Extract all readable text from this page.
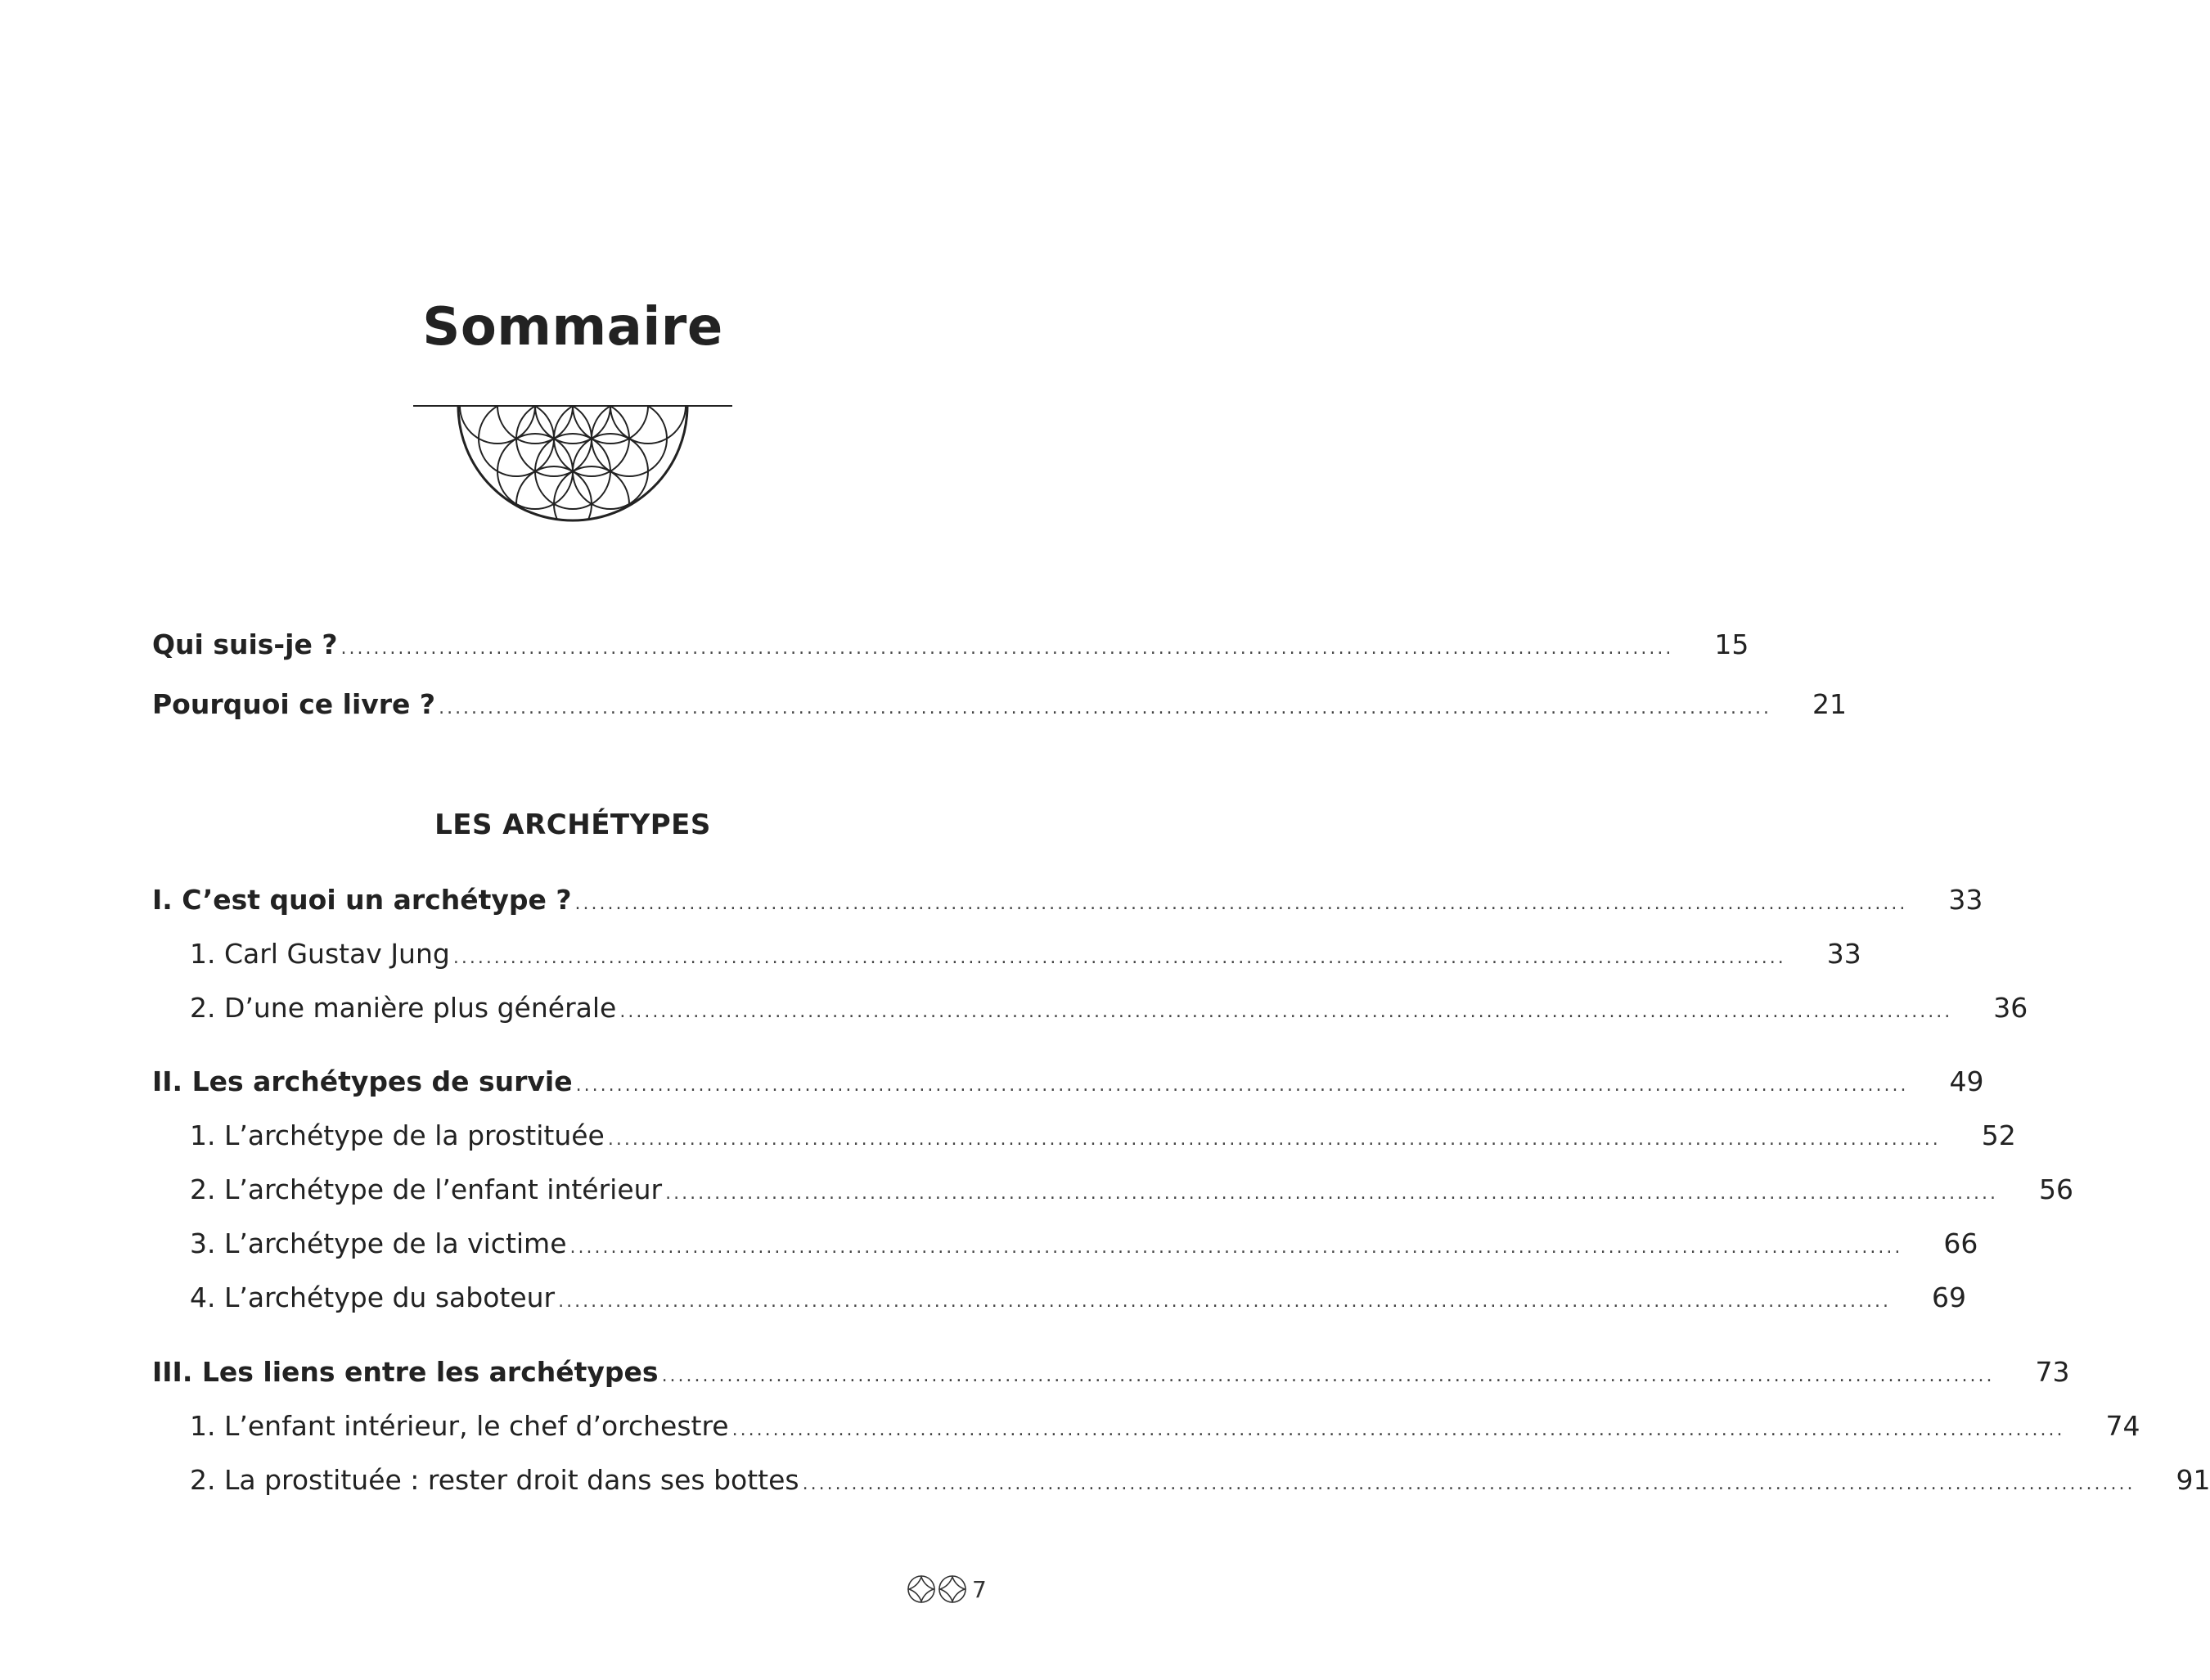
Sommaire
Qui suis-je ? ................................................................................................................................................................... 15
Pourquoi ce livre ? ................................................................................................................................................................... 21
LES ARCHÉTYPES
I. C’est quoi un archétype ? ................................................................................................................................................................... 33
1. Carl Gustav Jung ................................................................................................................................................................... 33
2. D’une manière plus générale ................................................................................................................................................................... 36
II. Les archétypes de survie ................................................................................................................................................................... 49
1. L’archétype de la prostituée ................................................................................................................................................................... 52
2. L’archétype de l’enfant intérieur ................................................................................................................................................................... 56
3. L’archétype de la victime ................................................................................................................................................................... 66
4. L’archétype du saboteur ................................................................................................................................................................... 69
III. Les liens entre les archétypes ................................................................................................................................................................... 73
1. L’enfant intérieur, le chef d’orchestre ................................................................................................................................................................... 74
2. La prostituée : rester droit dans ses bottes ................................................................................................................................................................... 91
7
